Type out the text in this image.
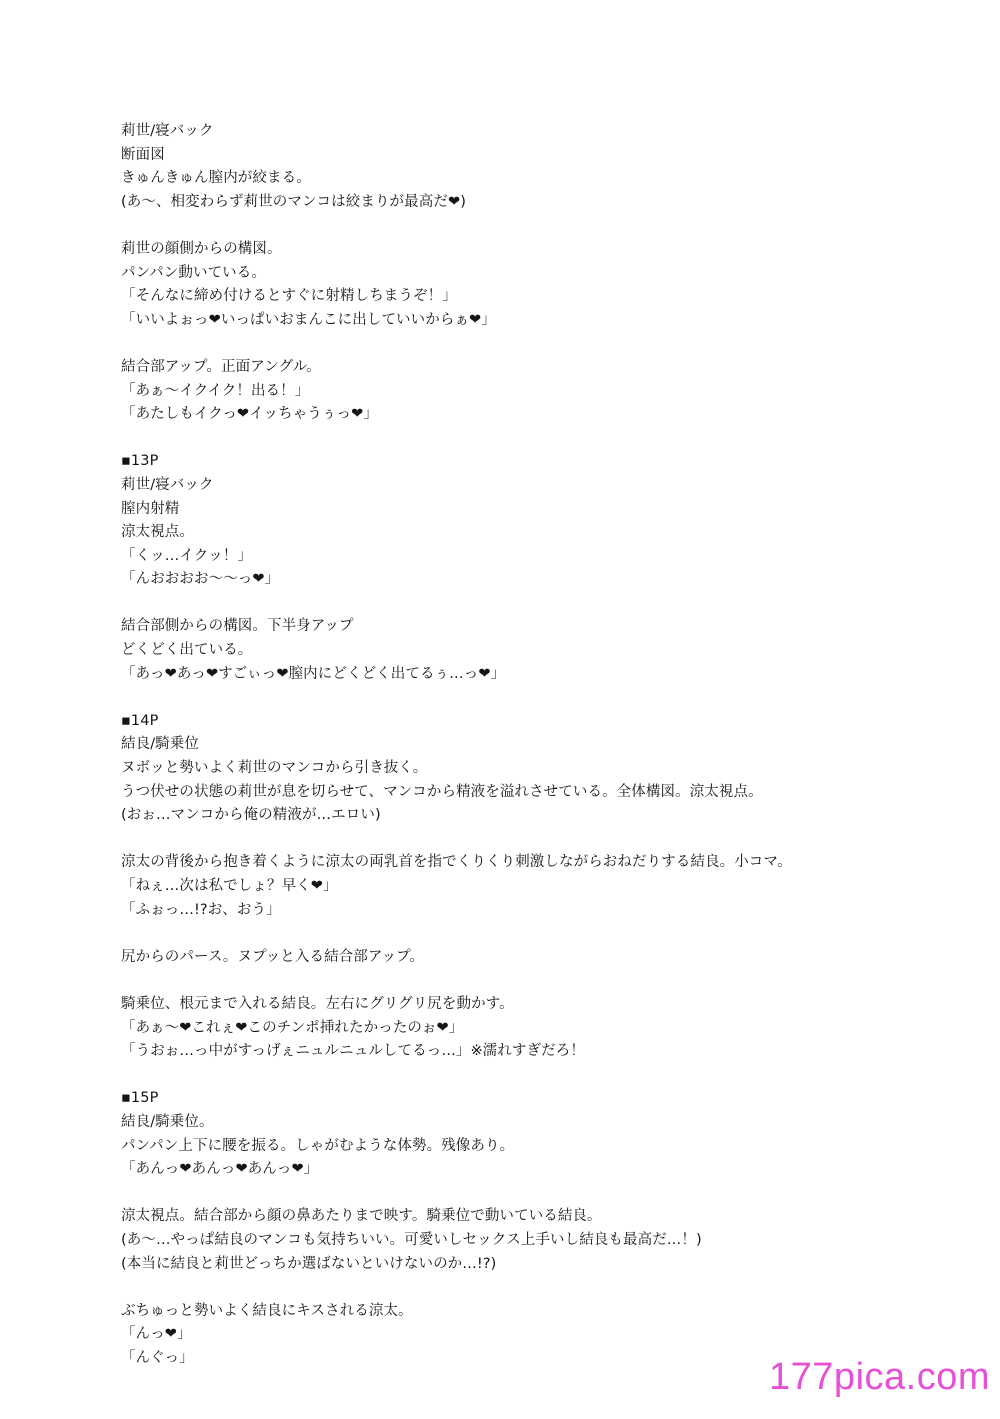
莉世/寝バック
断面図
きゅんきゅん膣内が絞まる。
(あ〜、相変わらず莉世のマンコは絞まりが最高だ❤)
莉世の顔側からの構図。
パンパン動いている。
「そんなに締め付けるとすぐに射精しちまうぞ！」
「いいよぉっ❤いっぱいおまんこに出していいからぁ❤」
結合部アップ。正面アングル。
「あぁ〜イクイク！出る！」
「あたしもイクっ❤イッちゃうぅっ❤」
▪13P
莉世/寝バック
膣内射精
涼太視点。
「くッ…イクッ！」
「んおおおお〜〜っ❤」
結合部側からの構図。下半身アップ
どくどく出ている。
「あっ❤あっ❤すごぃっ❤膣内にどくどく出てるぅ…っ❤」
▪14P
結良/騎乗位
ヌボッと勢いよく莉世のマンコから引き抜く。
うつ伏せの状態の莉世が息を切らせて、マンコから精液を溢れさせている。全体構図。涼太視点。
(おぉ…マンコから俺の精液が…エロい)
涼太の背後から抱き着くように涼太の両乳首を指でくりくり刺激しながらおねだりする結良。小コマ。
「ねぇ…次は私でしょ？早く❤」
「ふぉっ…!?お、おう」
尻からのパース。ヌプッと入る結合部アップ。
騎乗位、根元まで入れる結良。左右にグリグリ尻を動かす。
「あぁ〜❤これぇ❤このチンポ挿れたかったのぉ❤」
「うおぉ…っ中がすっげぇニュルニュルしてるっ…」※濡れすぎだろ！
▪15P
結良/騎乗位。
パンパン上下に腰を振る。しゃがむような体勢。残像あり。
「あんっ❤あんっ❤あんっ❤」
涼太視点。結合部から顔の鼻あたりまで映す。騎乗位で動いている結良。
(あ〜…やっぱ結良のマンコも気持ちいい。可愛いしセックス上手いし結良も最高だ…！)
(本当に結良と莉世どっちか選ばないといけないのか…!?)
ぶちゅっと勢いよく結良にキスされる涼太。
「んっ❤」
「んぐっ」	177pica.com
